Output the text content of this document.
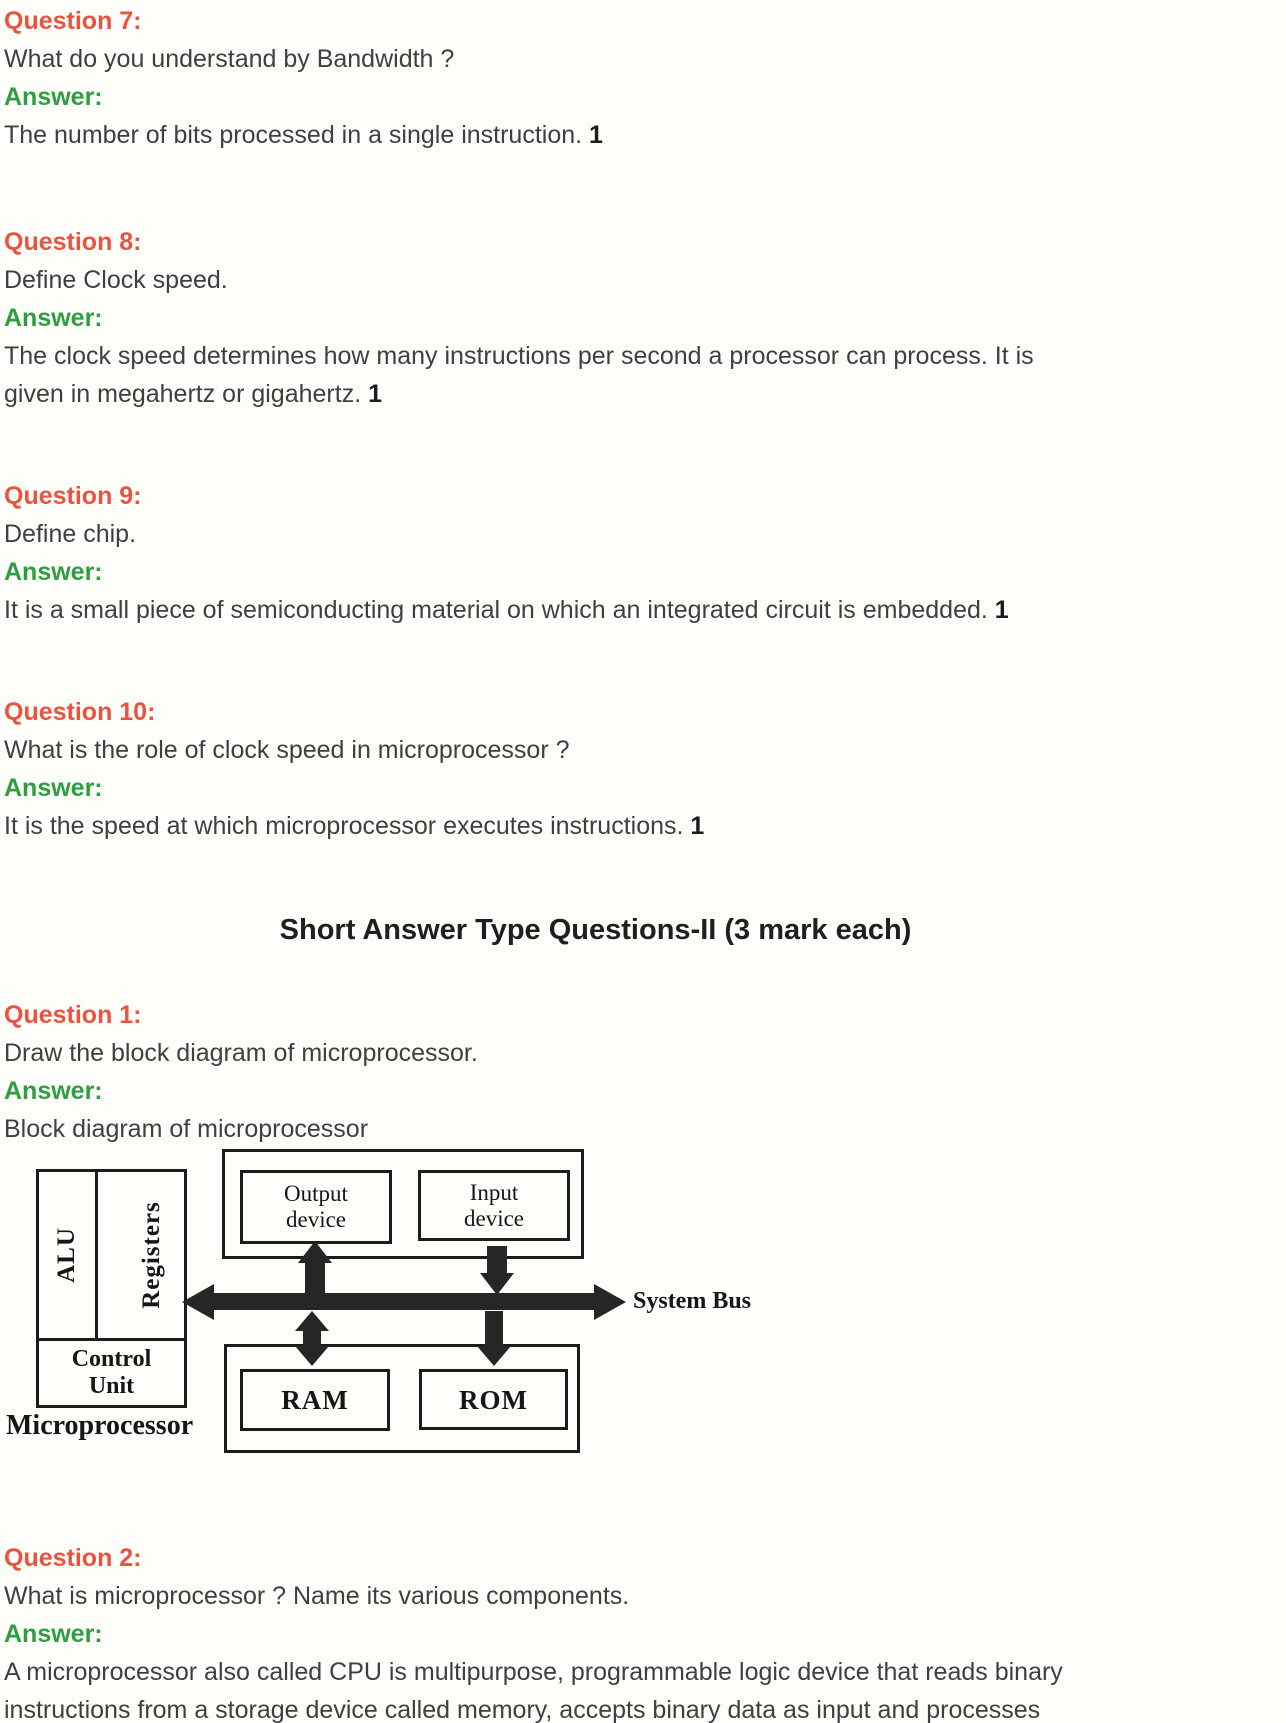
Question 7:

What do you understand by Bandwidth ?

Answer:

The number of bits processed in a single instruction. 1

Question 8:

Define Clock speed.

Answer:

The clock speed determines how many instructions per second a processor can process. It is
given in megahertz or gigahertz. 1

Question 9:

Define chip.

Answer:

It is a small piece of semiconducting material on which an integrated circuit is embedded. 1

Question 10:

What is the role of clock speed in microprocessor ?

Answer:

It is the speed at which microprocessor executes instructions. 1

Short Answer Type Questions-II (3 mark each)
Question 1:

Draw the block diagram of microprocessor.

Answer:

Block diagram of microprocessor

ALU Registers
Control Unit
Microprocessor
Output device
Input device
RAM	ROM
System Bus
Question 2:

What is microprocessor ? Name its various components.

Answer:

A microprocessor also called CPU is multipurpose, programmable logic device that reads binary
instructions from a storage device called memory, accepts binary data as input and processes
